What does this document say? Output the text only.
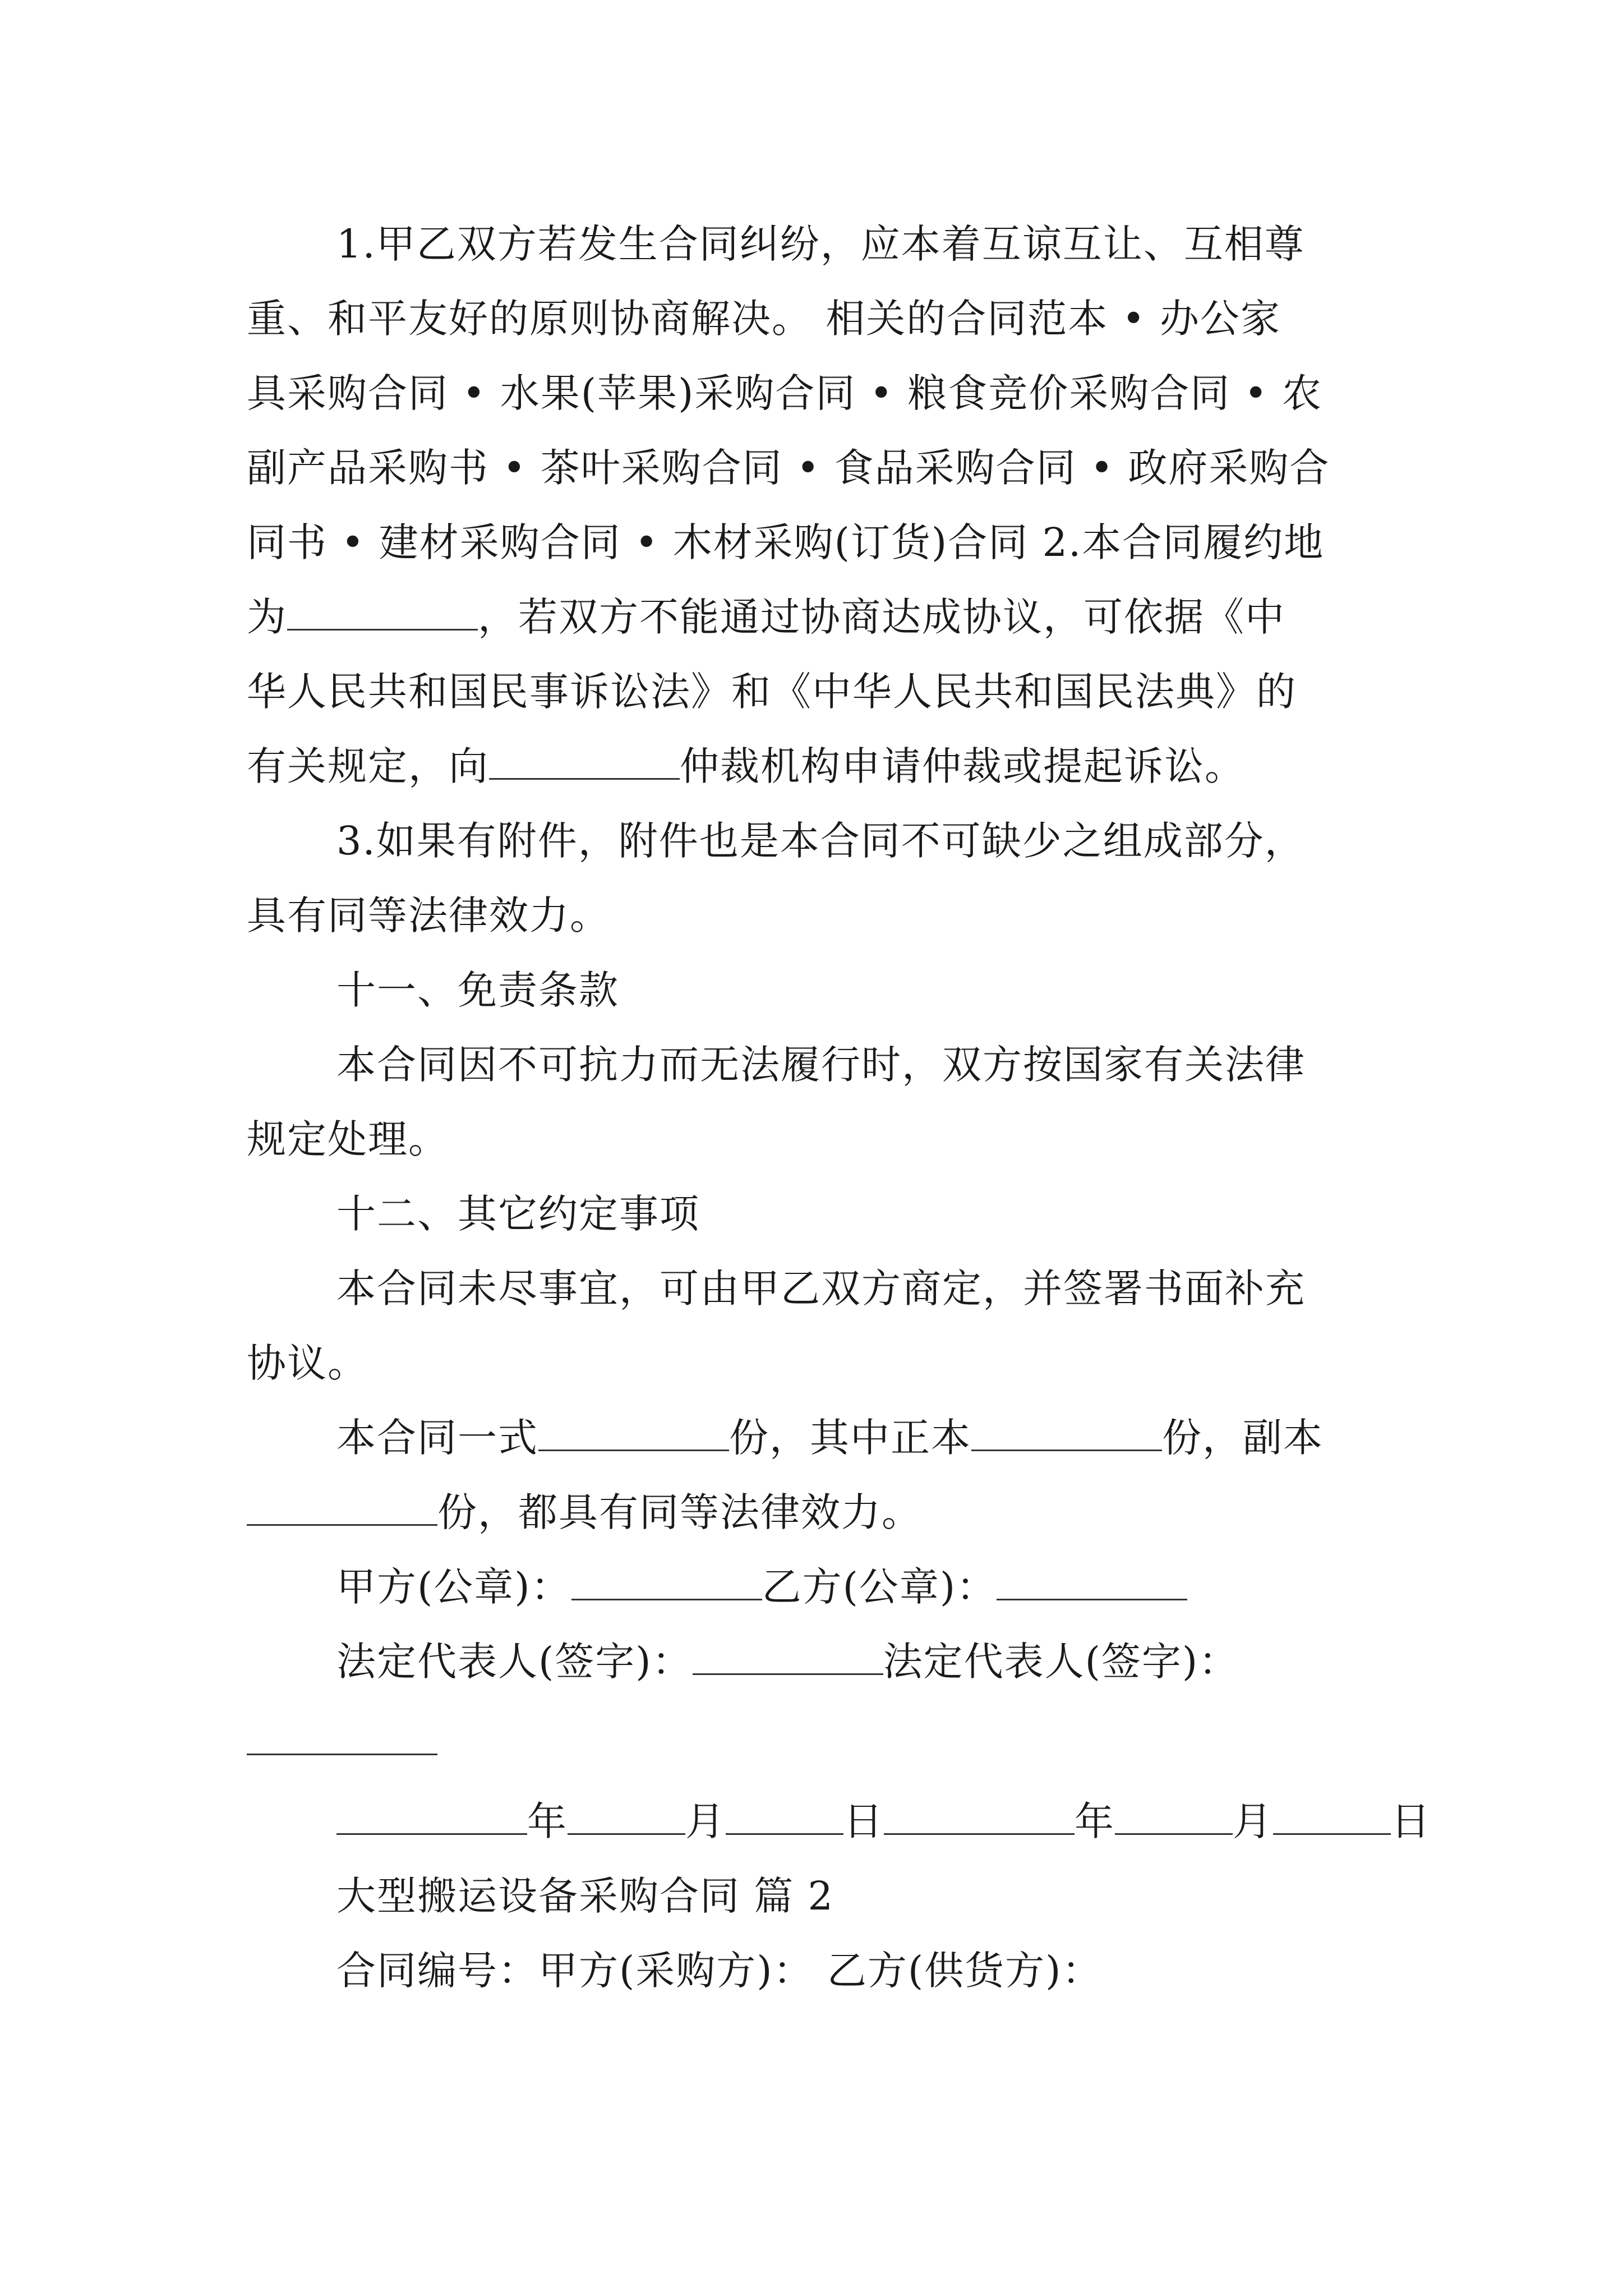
1.甲乙双方若发生合同纠纷，应本着互谅互让、互相尊
重、和平友好的原则协商解决。 相关的合同范本 • 办公家
具采购合同 • 水果(苹果)采购合同 • 粮食竞价采购合同 • 农
副产品采购书 • 茶叶采购合同 • 食品采购合同 • 政府采购合
同书 • 建材采购合同 • 木材采购(订货)合同 2.本合同履约地
为	，若双方不能通过协商达成协议，可依据《中
华人民共和国民事诉讼法》和《中华人民共和国民法典》的
有关规定，向	仲裁机构申请仲裁或提起诉讼。
3.如果有附件，附件也是本合同不可缺少之组成部分，
具有同等法律效力。
十一、免责条款
本合同因不可抗力而无法履行时，双方按国家有关法律
规定处理。
十二、其它约定事项
本合同未尽事宜，可由甲乙双方商定，并签署书面补充
协议。
本合同一式	份，其中正本	份，副本
份，都具有同等法律效力。
甲方(公章)：	乙方(公章)：
法定代表人(签字)：	法定代表人(签字)：
年	月	日	年	月	日
大型搬运设备采购合同 篇 2
合同编号：甲方(采购方)： 乙方(供货方)：
